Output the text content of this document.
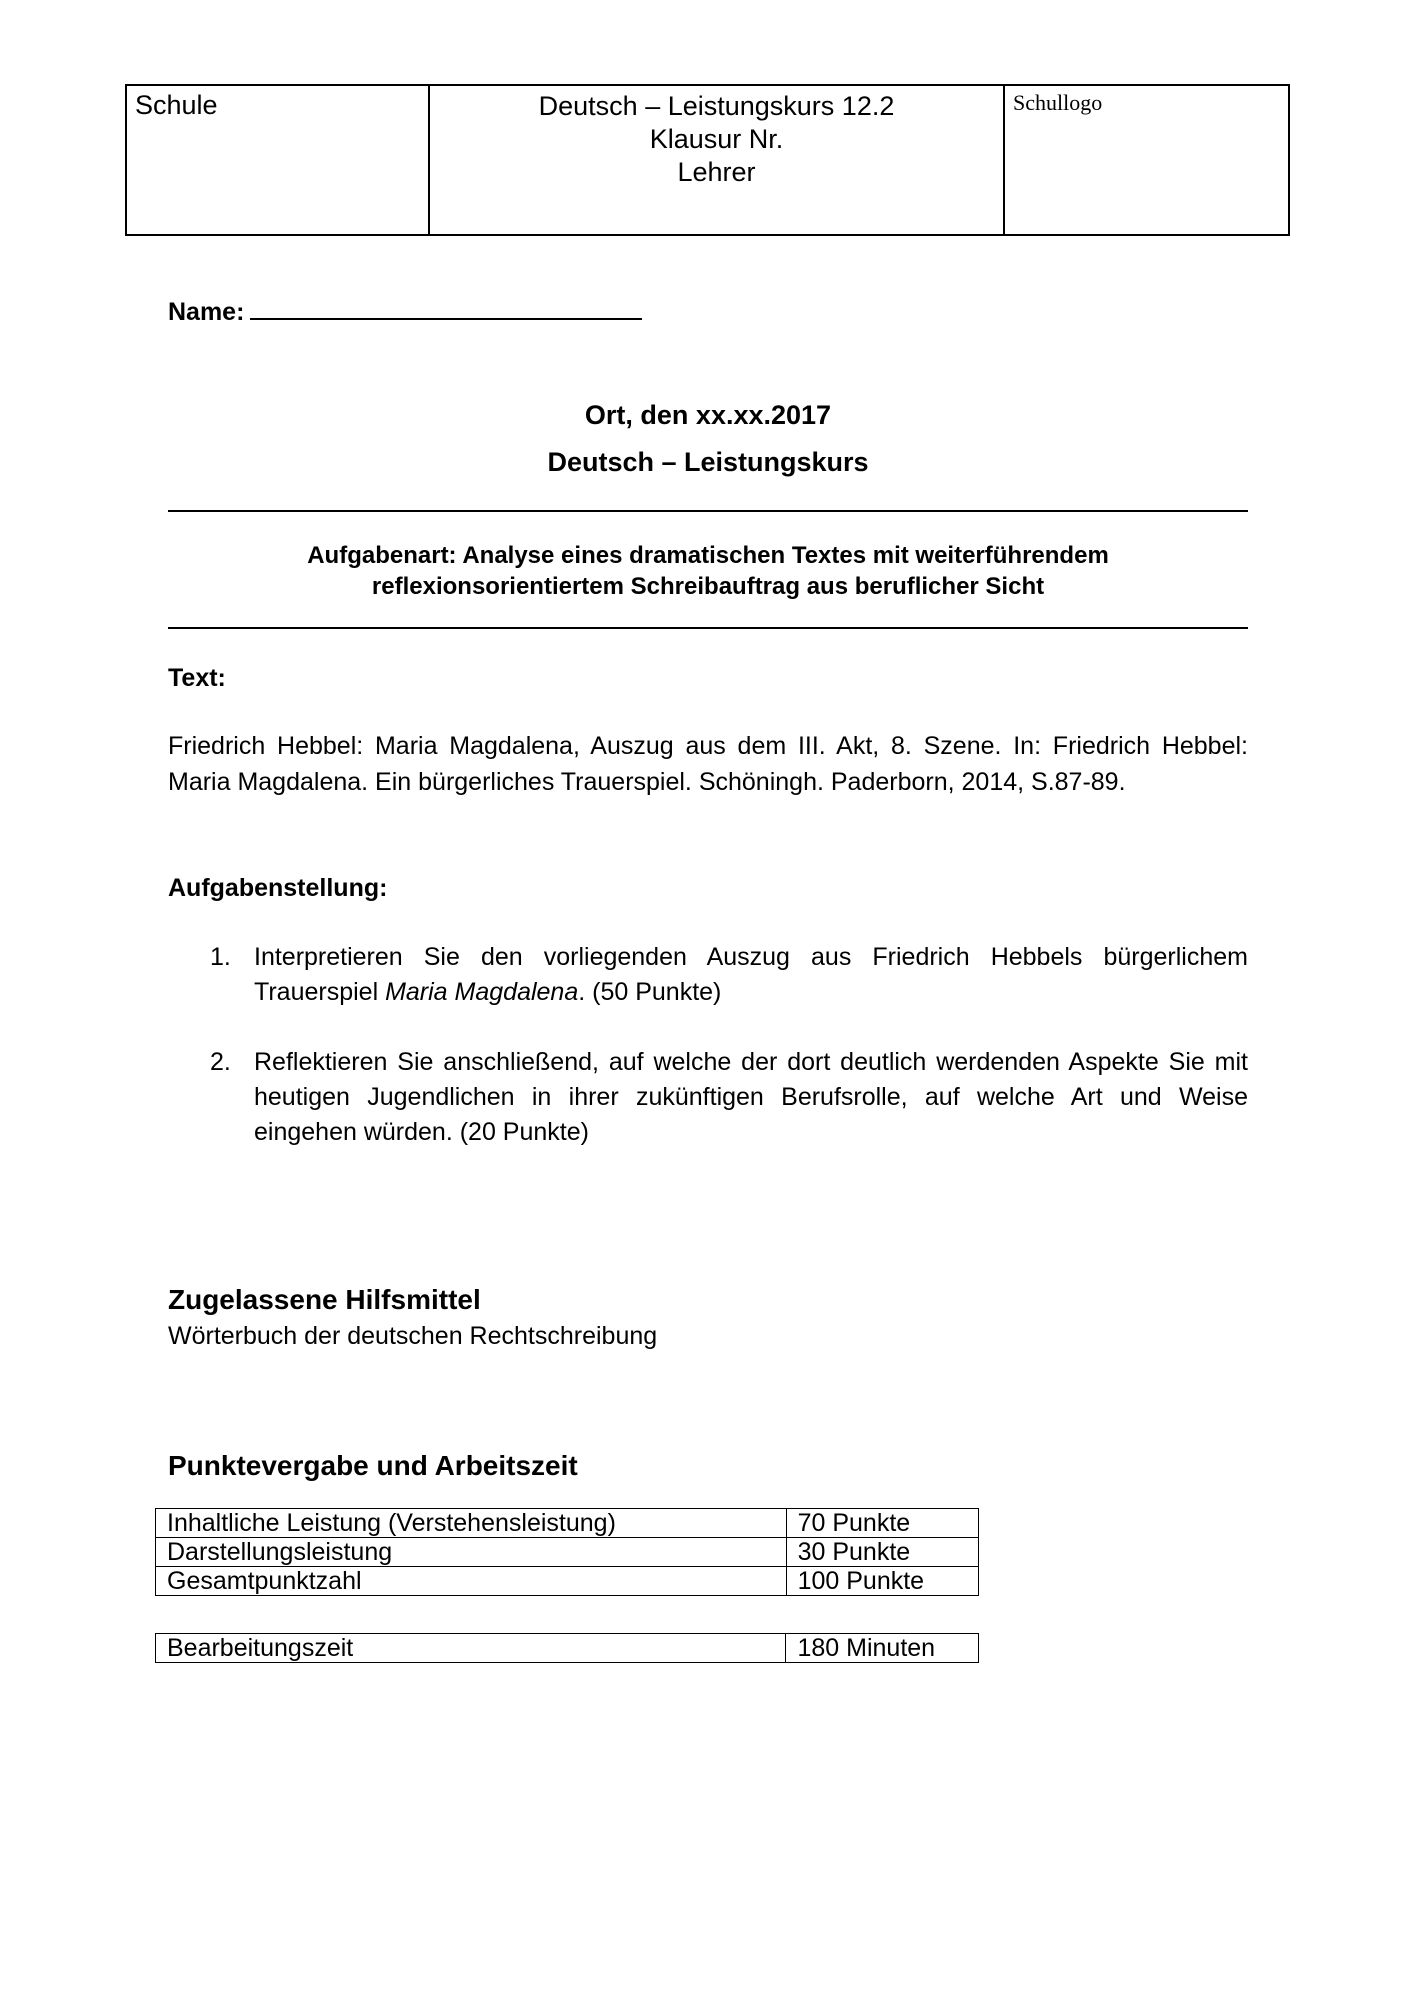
Schule	Deutsch – Leistungskurs 12.2
Klausur Nr.
Lehrer
	Schullogo
Name:
Ort, den xx.xx.2017
Deutsch – Leistungskurs
Aufgabenart: Analyse eines dramatischen Textes mit weiterführendem
reflexionsorientiertem Schreibauftrag aus beruflicher Sicht
Text:
Friedrich Hebbel: Maria Magdalena, Auszug aus dem III. Akt, 8. Szene. In: Friedrich Hebbel: Maria Magdalena. Ein bürgerliches Trauerspiel. Schöningh. Paderborn, 2014, S.87-89.
Aufgabenstellung:
1. Interpretieren Sie den vorliegenden Auszug aus Friedrich Hebbels bürgerlichem Trauerspiel Maria Magdalena. (50 Punkte)
2. Reflektieren Sie anschließend, auf welche der dort deutlich werdenden Aspekte Sie mit heutigen Jugendlichen in ihrer zukünftigen Berufsrolle, auf welche Art und Weise eingehen würden. (20 Punkte)
Zugelassene Hilfsmittel
Wörterbuch der deutschen Rechtschreibung
Punktevergabe und Arbeitszeit
Inhaltliche Leistung (Verstehensleistung)	70 Punkte
Darstellungsleistung	30 Punkte
Gesamtpunktzahl	100 Punkte
Bearbeitungszeit	180 Minuten
